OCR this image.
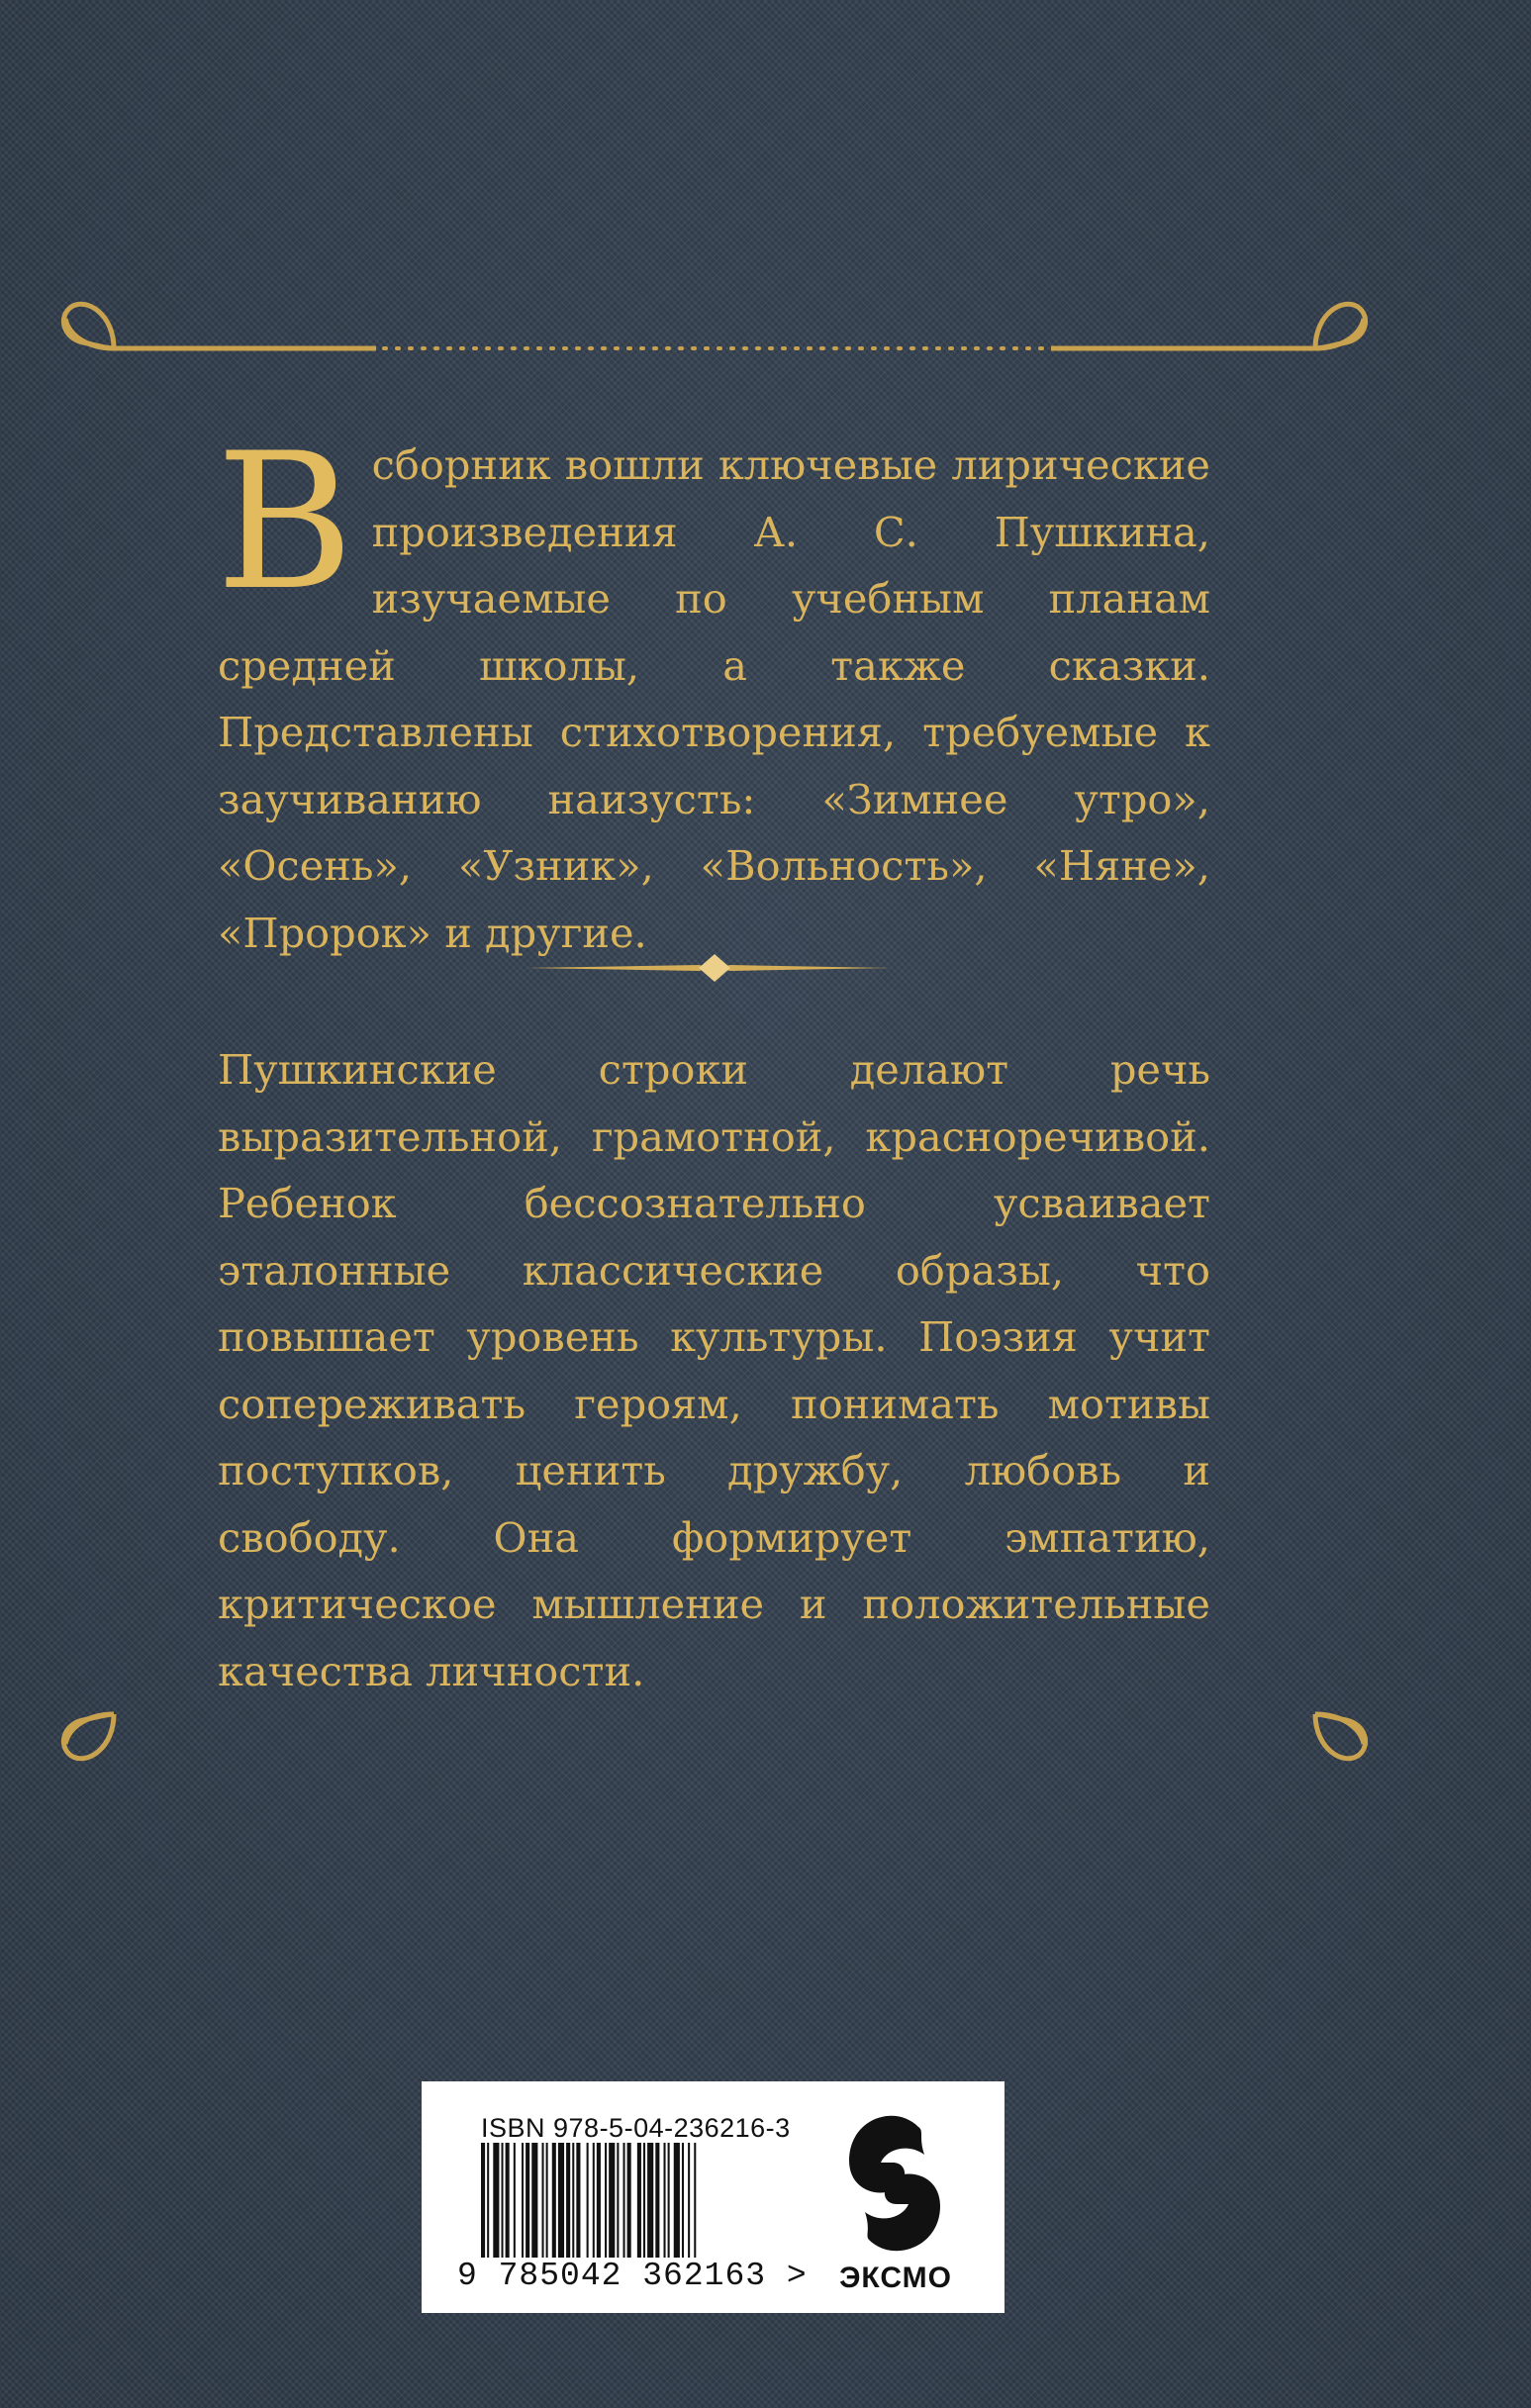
В сборник вошли ключевые лирические произведения А. С. Пушкина, изучаемые по учебным планам средней школы, а также сказки. Представлены стихотворения, требуемые к заучиванию наизусть: «Зимнее утро», «Осень», «Узник», «Вольность», «Няне», «Пророк» и другие.
Пушкинские строки делают речь выразительной, грамотной, красноречивой. Ребенок бессознательно усваивает эталонные классические образы, что повышает уровень культуры. Поэзия учит сопереживать героям, понимать мотивы поступков, ценить дружбу, любовь и свободу. Она формирует эмпатию, критическое мышление и положительные качества личности.
ISBN 978-5-04-236216-3
9 785042 362163 > ЭКСМО
